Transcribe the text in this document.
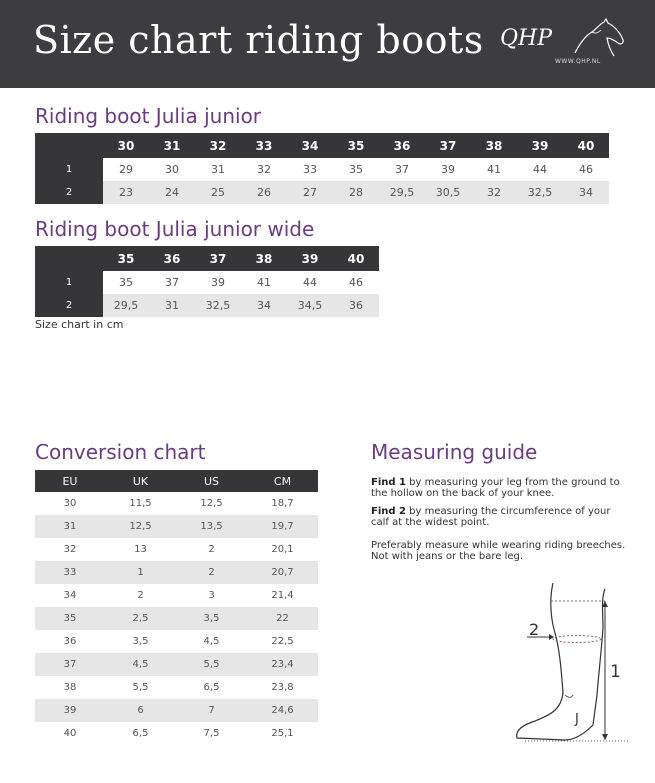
Size chart riding boots QHP
WWW.QHP.NL
Riding boot Julia junior
	30	31	32	33	34	35	36	37	38	39	40
1	29	30	31	32	33	35	37	39	41	44	46
2	23	24	25	26	27	28	29,5	30,5	32	32,5	34
Riding boot Julia junior wide
	35	36	37	38	39	40
1	35	37	39	41	44	46
2	29,5	31	32,5	34	34,5	36
Size chart in cm
Conversion chart
EU	UK	US	CM
30	11,5	12,5	18,7
31	12,5	13,5	19,7
32	13	2	20,1
33	1	2	20,7
34	2	3	21,4
35	2,5	3,5	22
36	3,5	4,5	22,5
37	4,5	5,5	23,4
38	5,5	6,5	23,8
39	6	7	24,6
40	6,5	7,5	25,1
Measuring guide
Find 1 by measuring your leg from the ground to the hollow on the back of your knee.
Find 2 by measuring the circumference of your calf at the widest point.
Preferably measure while wearing riding breeches. Not with jeans or the bare leg.
2
1
J
